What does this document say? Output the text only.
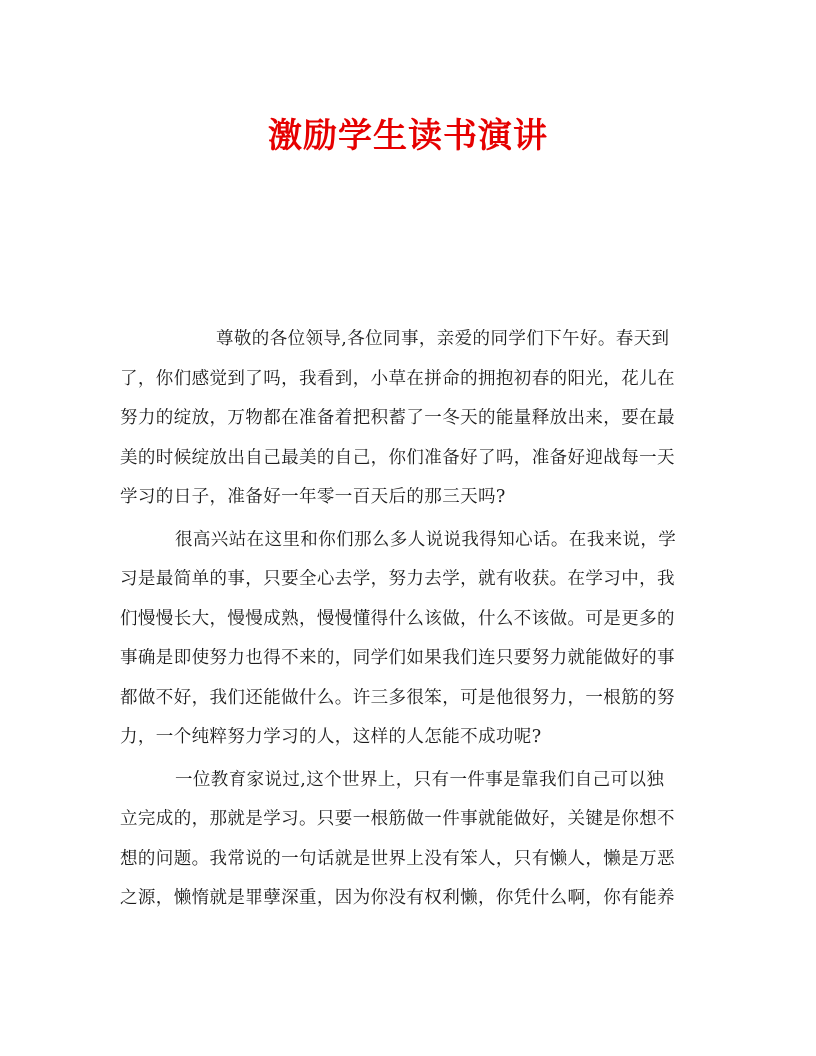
激励学生读书演讲
尊敬的各位领导,各位同事，亲爱的同学们下午好。春天到
了，你们感觉到了吗，我看到，小草在拼命的拥抱初春的阳光，花儿在
努力的绽放，万物都在准备着把积蓄了一冬天的能量释放出来，要在最
美的时候绽放出自己最美的自己，你们准备好了吗，准备好迎战每一天
学习的日子，准备好一年零一百天后的那三天吗?
很高兴站在这里和你们那么多人说说我得知心话。在我来说，学
习是最简单的事，只要全心去学，努力去学，就有收获。在学习中，我
们慢慢长大，慢慢成熟，慢慢懂得什么该做，什么不该做。可是更多的
事确是即使努力也得不来的，同学们如果我们连只要努力就能做好的事
都做不好，我们还能做什么。许三多很笨，可是他很努力，一根筋的努
力，一个纯粹努力学习的人，这样的人怎能不成功呢?
一位教育家说过,这个世界上，只有一件事是靠我们自己可以独
立完成的，那就是学习。只要一根筋做一件事就能做好，关键是你想不
想的问题。我常说的一句话就是世界上没有笨人，只有懒人，懒是万恶
之源，懒惰就是罪孽深重，因为你没有权利懒，你凭什么啊，你有能养
